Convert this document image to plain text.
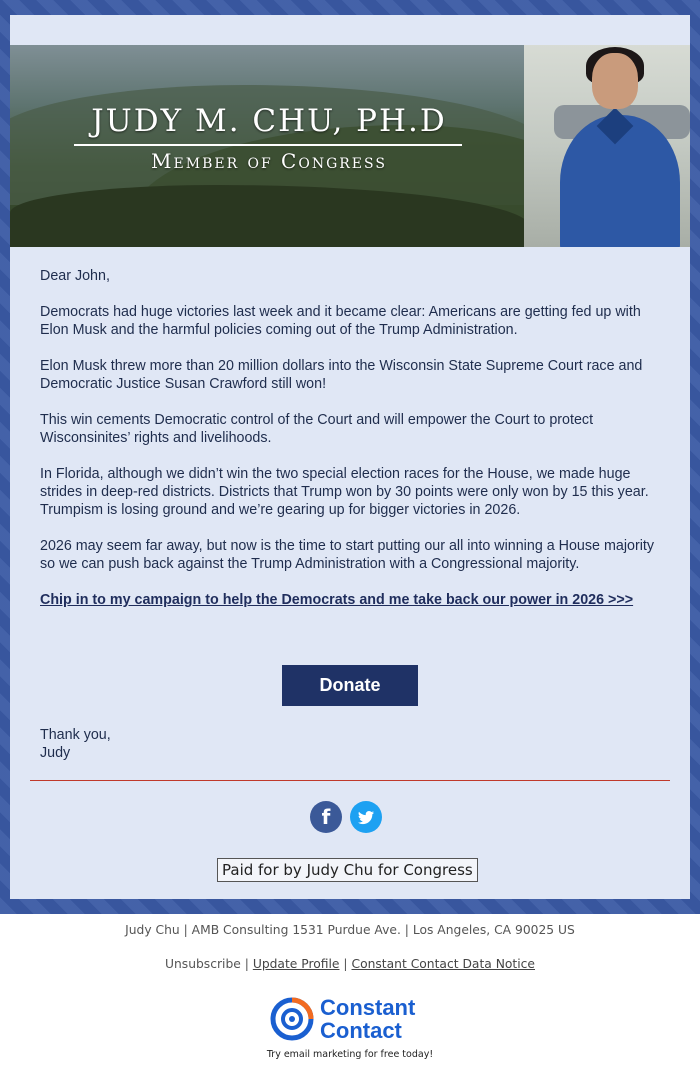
JUDY M. CHU, PH.D
Member of Congress

Dear John,

Democrats had huge victories last week and it became clear: Americans are getting fed up with Elon Musk and the harmful policies coming out of the Trump Administration.

Elon Musk threw more than 20 million dollars into the Wisconsin State Supreme Court race and Democratic Justice Susan Crawford still won!

This win cements Democratic control of the Court and will empower the Court to protect Wisconsinites’ rights and livelihoods.

In Florida, although we didn’t win the two special election races for the House, we made huge strides in deep-red districts. Districts that Trump won by 30 points were only won by 15 this year. Trumpism is losing ground and we’re gearing up for bigger victories in 2026.

2026 may seem far away, but now is the time to start putting our all into winning a House majority so we can push back against the Trump Administration with a Congressional majority.

Chip in to my campaign to help the Democrats and me take back our power in 2026 >>>

Donate
Thank you,
Judy
f
Paid for by Judy Chu for Congress
Judy Chu | AMB Consulting 1531 Purdue Ave. | Los Angeles, CA 90025 US
Unsubscribe | Update Profile | Constant Contact Data Notice
Constant
Contact
Try email marketing for free today!
